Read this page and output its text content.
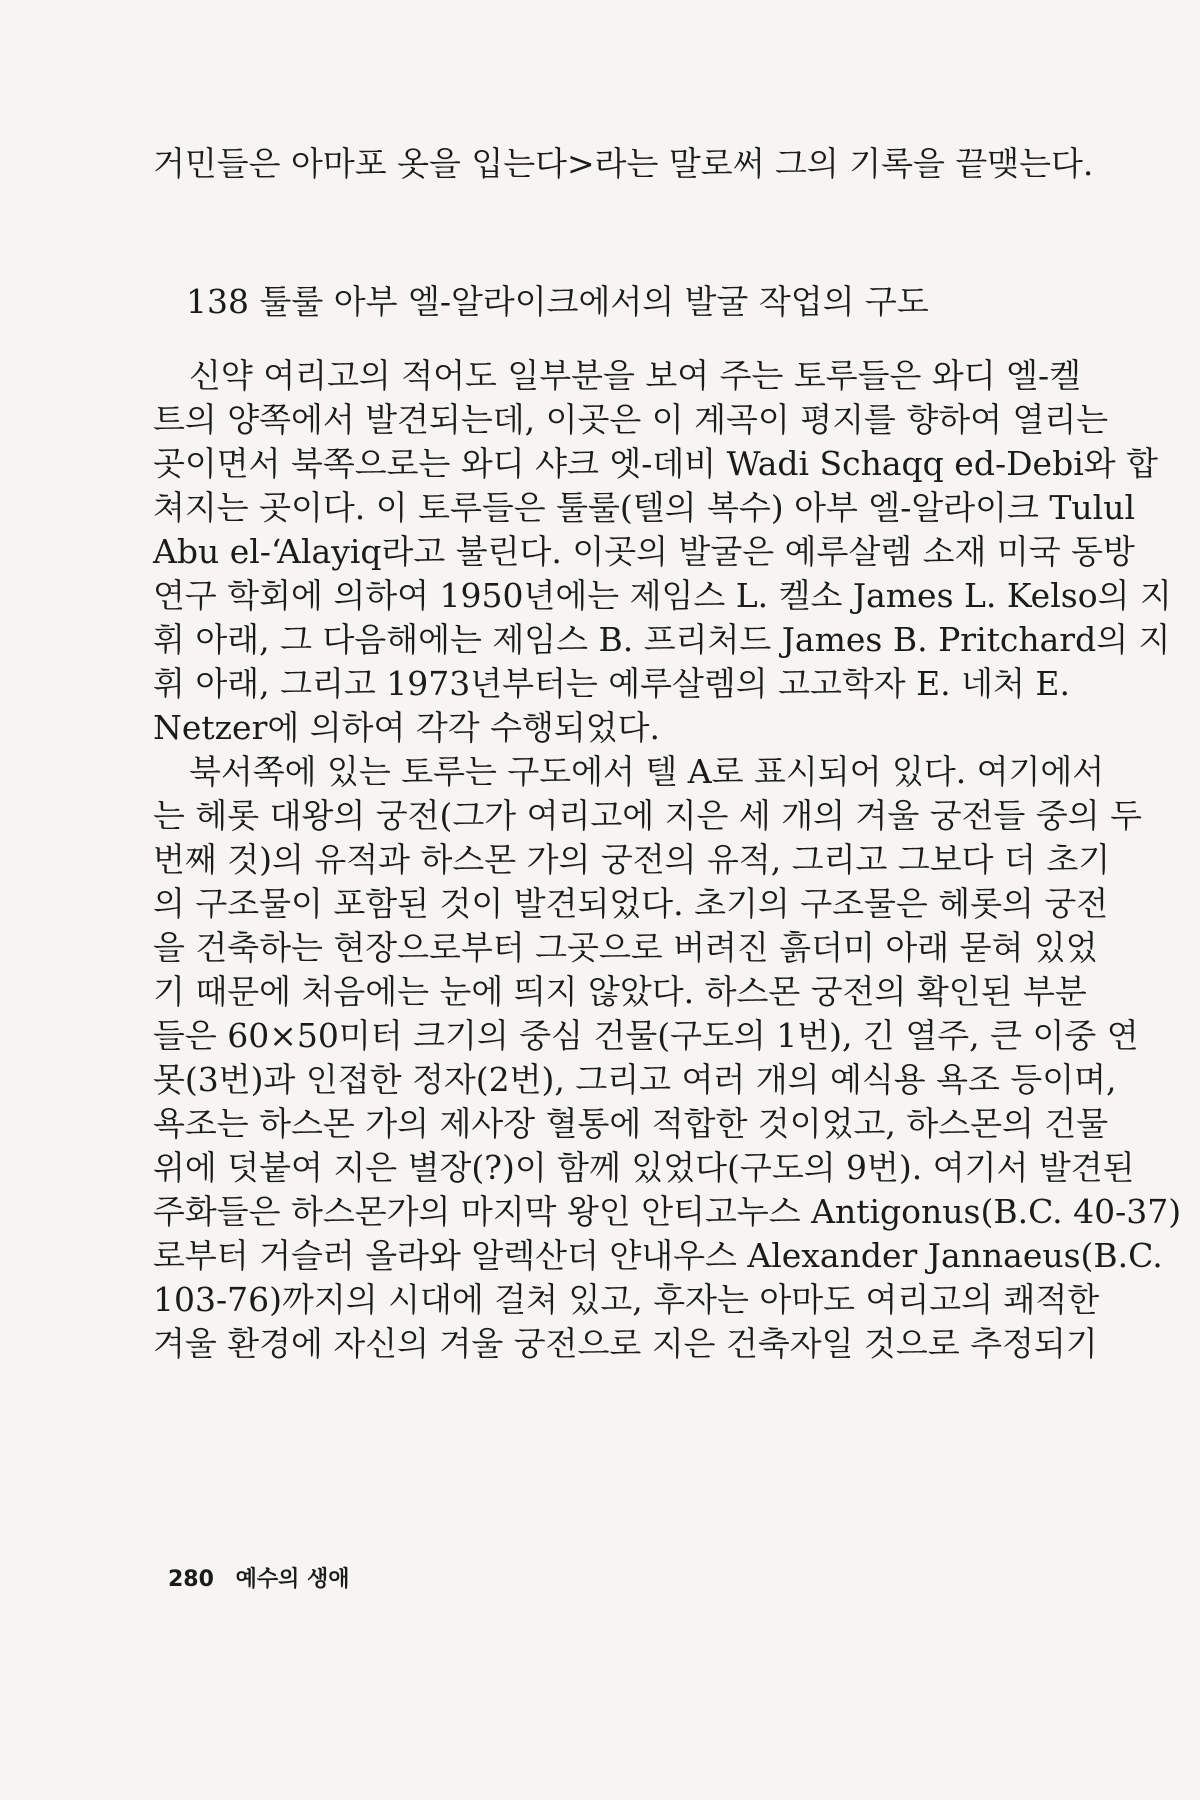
거민들은 아마포 옷을 입는다>라는 말로써 그의 기록을 끝맺는다.
138 툴룰 아부 엘-알라이크에서의 발굴 작업의 구도
신약 여리고의 적어도 일부분을 보여 주는 토루들은 와디 엘-켈
트의 양쪽에서 발견되는데, 이곳은 이 계곡이 평지를 향하여 열리는
곳이면서 북쪽으로는 와디 샤크 엣-데비 Wadi Schaqq ed-Debi와 합
쳐지는 곳이다. 이 토루들은 툴룰(텔의 복수) 아부 엘-알라이크 Tulul
Abu el-‘Alayiq라고 불린다. 이곳의 발굴은 예루살렘 소재 미국 동방
연구 학회에 의하여 1950년에는 제임스 L. 켈소 James L. Kelso의 지
휘 아래, 그 다음해에는 제임스 B. 프리처드 James B. Pritchard의 지
휘 아래, 그리고 1973년부터는 예루살렘의 고고학자 E. 네처 E.
Netzer에 의하여 각각 수행되었다.
북서쪽에 있는 토루는 구도에서 텔 A로 표시되어 있다. 여기에서
는 헤롯 대왕의 궁전(그가 여리고에 지은 세 개의 겨울 궁전들 중의 두
번째 것)의 유적과 하스몬 가의 궁전의 유적, 그리고 그보다 더 초기
의 구조물이 포함된 것이 발견되었다. 초기의 구조물은 헤롯의 궁전
을 건축하는 현장으로부터 그곳으로 버려진 흙더미 아래 묻혀 있었
기 때문에 처음에는 눈에 띄지 않았다. 하스몬 궁전의 확인된 부분
들은 60×50미터 크기의 중심 건물(구도의 1번), 긴 열주, 큰 이중 연
못(3번)과 인접한 정자(2번), 그리고 여러 개의 예식용 욕조 등이며,
욕조는 하스몬 가의 제사장 혈통에 적합한 것이었고, 하스몬의 건물
위에 덧붙여 지은 별장(?)이 함께 있었다(구도의 9번). 여기서 발견된
주화들은 하스몬가의 마지막 왕인 안티고누스 Antigonus(B.C. 40-37)
로부터 거슬러 올라와 알렉산더 얀내우스 Alexander Jannaeus(B.C.
103-76)까지의 시대에 걸쳐 있고, 후자는 아마도 여리고의 쾌적한
겨울 환경에 자신의 겨울 궁전으로 지은 건축자일 것으로 추정되기
280 예수의 생애
